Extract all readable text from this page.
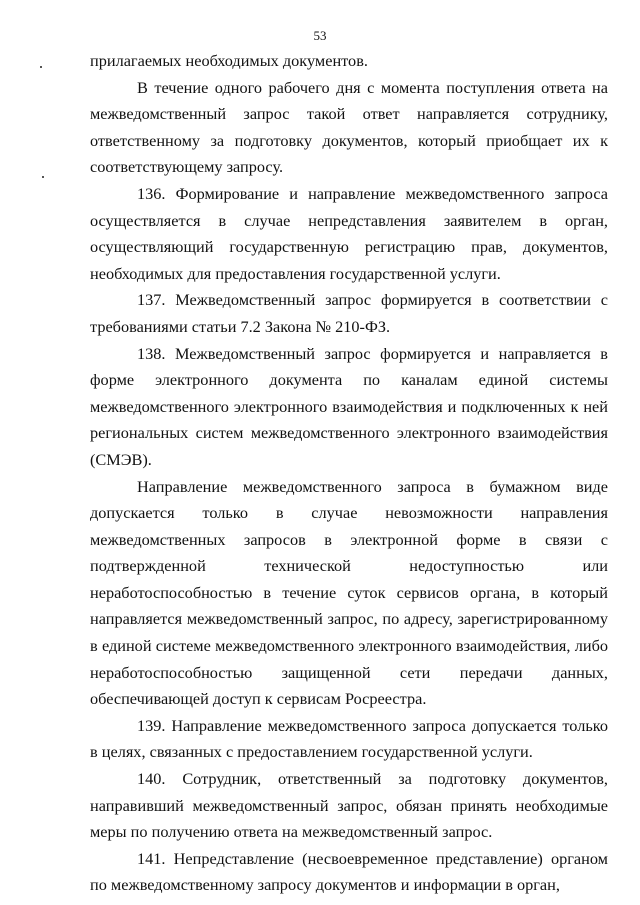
53

прилагаемых необходимых документов.

В течение одного рабочего дня с момента поступления ответа на межведомственный запрос такой ответ направляется сотруднику, ответственному за подготовку документов, который приобщает их к соответствующему запросу.

136. Формирование и направление межведомственного запроса осуществляется в случае непредставления заявителем в орган, осуществляющий государственную регистрацию прав, документов, необходимых для предоставления государственной услуги.

137. Межведомственный запрос формируется в соответствии с требованиями статьи 7.2 Закона № 210-ФЗ.

138. Межведомственный запрос формируется и направляется в форме электронного документа по каналам единой системы межведомственного электронного взаимодействия и подключенных к ней региональных систем межведомственного электронного взаимодействия (СМЭВ).

Направление межведомственного запроса в бумажном виде допускается только в случае невозможности направления межведомственных запросов в электронной форме в связи с подтвержденной технической недоступностью или неработоспособностью в течение суток сервисов органа, в который направляется межведомственный запрос, по адресу, зарегистрированному в единой системе межведомственного электронного взаимодействия, либо неработоспособностью защищенной сети передачи данных, обеспечивающей доступ к сервисам Росреестра.

139. Направление межведомственного запроса допускается только в целях, связанных с предоставлением государственной услуги.

140. Сотрудник, ответственный за подготовку документов, направивший межведомственный запрос, обязан принять необходимые меры по получению ответа на межведомственный запрос.

141. Непредставление (несвоевременное представление) органом по межведомственному запросу документов и информации в орган,
